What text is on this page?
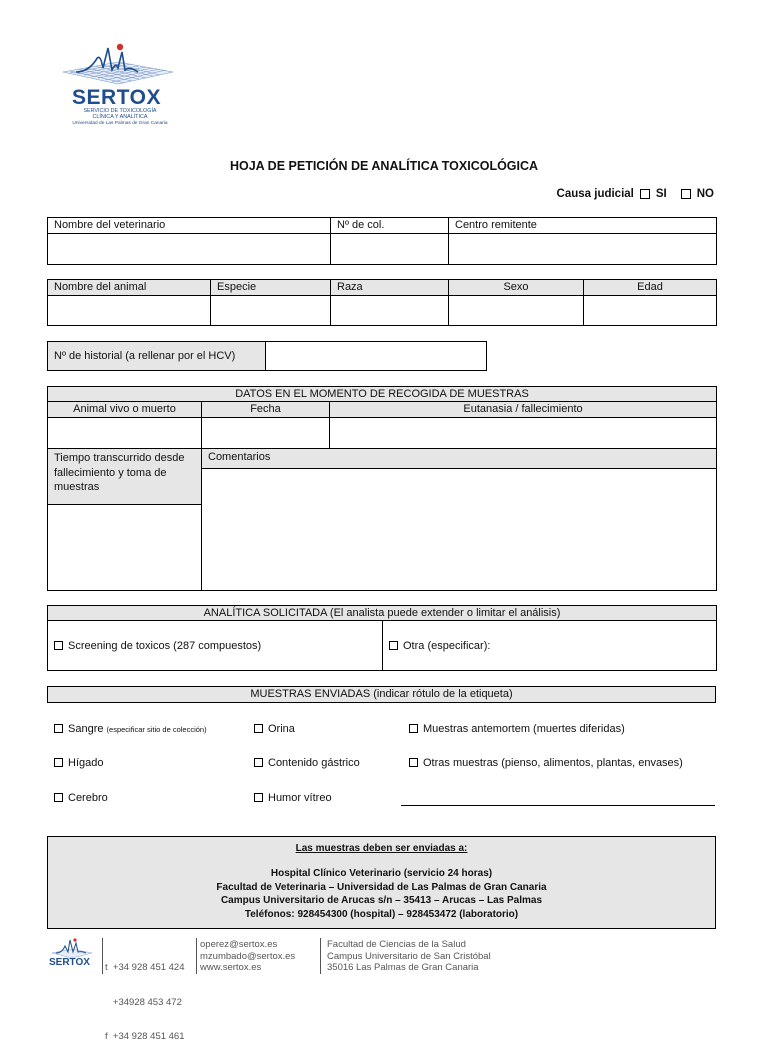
SERTOX
SERVICIO DE TOXICOLOGÍA
CLÍNICA Y ANALÍTICA
Universidad de Las Palmas de Gran Canaria
HOJA DE PETICIÓN DE ANALÍTICA TOXICOLÓGICA
Causa judicial SI	NO
Nombre del veterinario	Nº de col.	Centro remitente

Nombre del animal	Especie	Raza	Sexo	Edad

Nº de historial (a rellenar por el HCV)	
DATOS EN EL MOMENTO DE RECOGIDA DE MUESTRAS		
Animal vivo o muerto	Fecha	Eutanasia / fallecimiento

Tiempo transcurrido desde fallecimiento y toma de muestras	Comentarios	

ANALÍTICA SOLICITADA (El analista puede extender o limitar el análisis)
Screening de toxicos (287 compuestos)	Otra (especificar):
MUESTRAS ENVIADAS (indicar rótulo de la etiqueta)
Sangre (especificar sitio de colección)	Orina	Muestras antemortem (muertes diferidas)
Hígado	Contenido gástrico	Otras muestras (pienso, alimentos, plantas, envases)
Cerebro	Humor vítreo
Las muestras deben ser enviadas a:
Hospital Clínico Veterinario (servicio 24 horas)
Facultad de Veterinaria – Universidad de Las Palmas de Gran Canaria
Campus Universitario de Arucas s/n – 35413 – Arucas – Las Palmas
Teléfonos: 928454300 (hospital) – 928453472 (laboratorio)
SERTOX

t  +34 928 451 424

+34928 453 472

f  +34 928 451 461

operez@sertox.es
mzumbado@sertox.es
www.sertox.es
Facultad de Ciencias de la Salud
Campus Universitario de San Cristóbal
35016 Las Palmas de Gran Canaria
